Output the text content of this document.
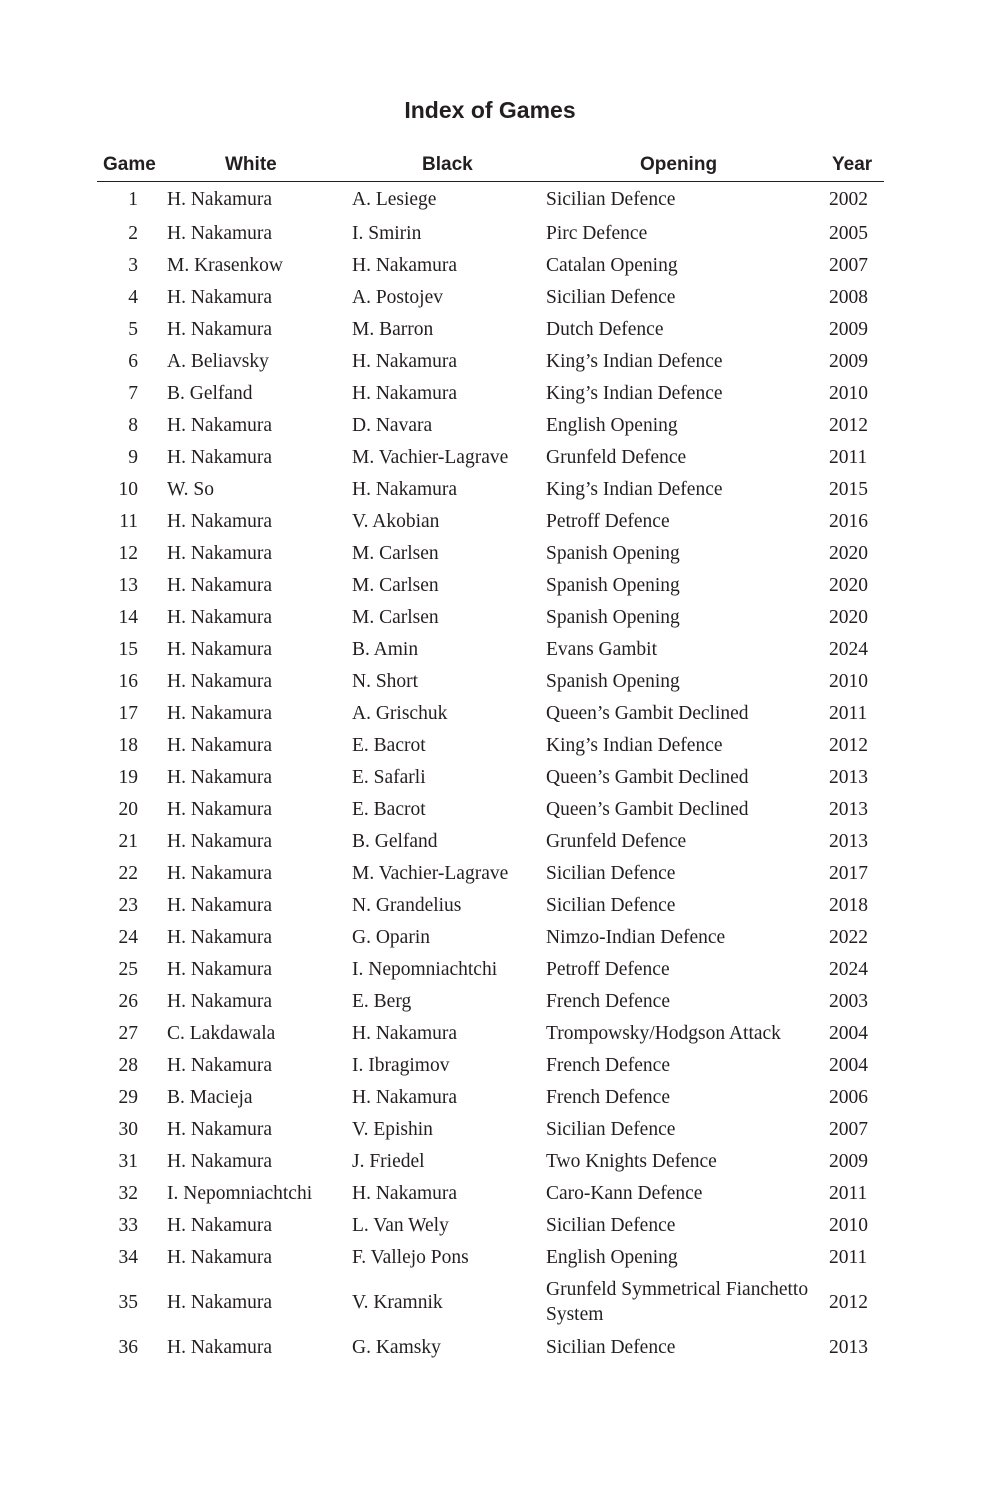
Index of Games
Game	White	Black	Opening	Year
1	H. Nakamura	A. Lesiege	Sicilian Defence	2002
2	H. Nakamura	I. Smirin	Pirc Defence	2005
3	M. Krasenkow	H. Nakamura	Catalan Opening	2007
4	H. Nakamura	A. Postojev	Sicilian Defence	2008
5	H. Nakamura	M. Barron	Dutch Defence	2009
6	A. Beliavsky	H. Nakamura	King’s Indian Defence	2009
7	B. Gelfand	H. Nakamura	King’s Indian Defence	2010
8	H. Nakamura	D. Navara	English Opening	2012
9	H. Nakamura	M. Vachier-Lagrave	Grunfeld Defence	2011
10	W. So	H. Nakamura	King’s Indian Defence	2015
11	H. Nakamura	V. Akobian	Petroff Defence	2016
12	H. Nakamura	M. Carlsen	Spanish Opening	2020
13	H. Nakamura	M. Carlsen	Spanish Opening	2020
14	H. Nakamura	M. Carlsen	Spanish Opening	2020
15	H. Nakamura	B. Amin	Evans Gambit	2024
16	H. Nakamura	N. Short	Spanish Opening	2010
17	H. Nakamura	A. Grischuk	Queen’s Gambit Declined	2011
18	H. Nakamura	E. Bacrot	King’s Indian Defence	2012
19	H. Nakamura	E. Safarli	Queen’s Gambit Declined	2013
20	H. Nakamura	E. Bacrot	Queen’s Gambit Declined	2013
21	H. Nakamura	B. Gelfand	Grunfeld Defence	2013
22	H. Nakamura	M. Vachier-Lagrave	Sicilian Defence	2017
23	H. Nakamura	N. Grandelius	Sicilian Defence	2018
24	H. Nakamura	G. Oparin	Nimzo-Indian Defence	2022
25	H. Nakamura	I. Nepomniachtchi	Petroff Defence	2024
26	H. Nakamura	E. Berg	French Defence	2003
27	C. Lakdawala	H. Nakamura	Trompowsky/Hodgson Attack	2004
28	H. Nakamura	I. Ibragimov	French Defence	2004
29	B. Macieja	H. Nakamura	French Defence	2006
30	H. Nakamura	V. Epishin	Sicilian Defence	2007
31	H. Nakamura	J. Friedel	Two Knights Defence	2009
32	I. Nepomniachtchi	H. Nakamura	Caro-Kann Defence	2011
33	H. Nakamura	L. Van Wely	Sicilian Defence	2010
34	H. Nakamura	F. Vallejo Pons	English Opening	2011
35	H. Nakamura	V. Kramnik	Grunfeld Symmetrical Fianchetto System	2012
36	H. Nakamura	G. Kamsky	Sicilian Defence	2013
